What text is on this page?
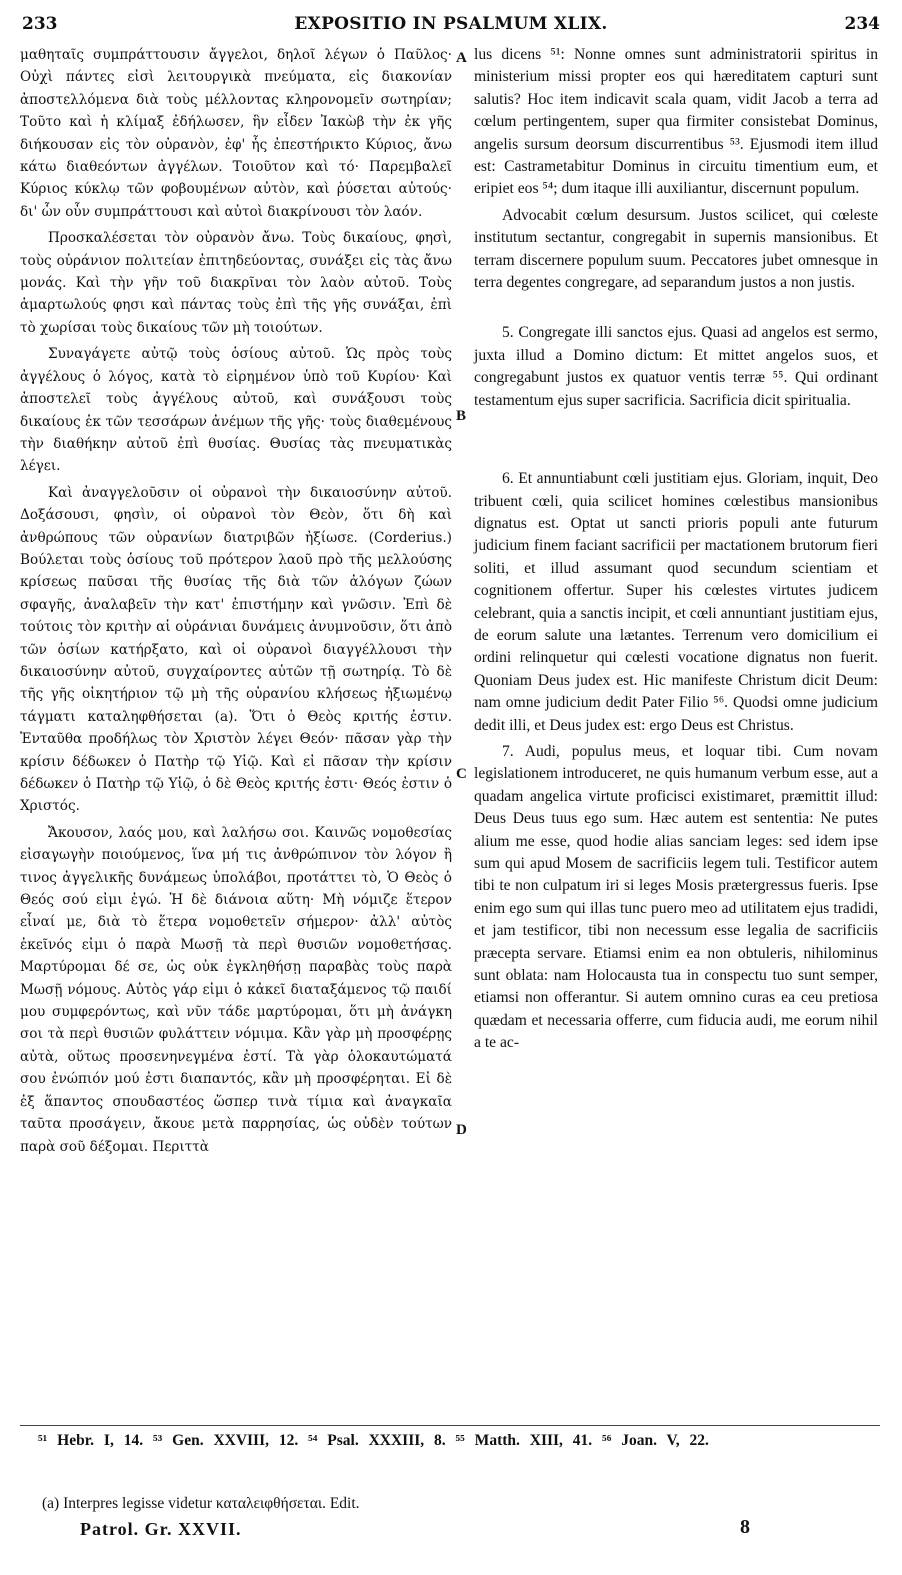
233	EXPOSITIO IN PSALMUM XLIX.	234

μαθηταῖς συμπράττουσιν ἄγγελοι, δηλοῖ λέγων ὁ Παῦλος· Οὐχὶ πάντες εἰσὶ λειτουργικὰ πνεύματα, εἰς διακονίαν ἀποστελλόμενα διὰ τοὺς μέλλοντας κληρονομεῖν σωτηρίαν; Τοῦτο καὶ ἡ κλίμαξ ἐδήλωσεν, ἣν εἶδεν Ἰακὼβ τὴν ἐκ γῆς διήκουσαν εἰς τὸν οὐρανὸν, ἐφ' ἧς ἐπεστήρικτο Κύριος, ἄνω κάτω διαθεόντων ἀγγέλων. Τοιοῦτον καὶ τό· Παρεμβαλεῖ Κύριος κύκλῳ τῶν φοβουμένων αὐτὸν, καὶ ῥύσεται αὐτούς· δι' ὧν οὖν συμπράττουσι καὶ αὐτοὶ διακρίνουσι τὸν λαόν.

Προσκαλέσεται τὸν οὐρανὸν ἄνω. Τοὺς δικαίους, φησὶ, τοὺς οὐράνιον πολιτείαν ἐπιτηδεύοντας, συνάξει εἰς τὰς ἄνω μονάς. Καὶ τὴν γῆν τοῦ διακρῖναι τὸν λαὸν αὐτοῦ. Τοὺς ἁμαρτωλούς φησι καὶ πάντας τοὺς ἐπὶ τῆς γῆς συνάξαι, ἐπὶ τὸ χωρίσαι τοὺς δικαίους τῶν μὴ τοιούτων.

Συναγάγετε αὐτῷ τοὺς ὁσίους αὐτοῦ. Ὡς πρὸς τοὺς ἀγγέλους ὁ λόγος, κατὰ τὸ εἰρημένον ὑπὸ τοῦ Κυρίου· Καὶ ἀποστελεῖ τοὺς ἀγγέλους αὐτοῦ, καὶ συνάξουσι τοὺς δικαίους ἐκ τῶν τεσσάρων ἀνέμων τῆς γῆς· τοὺς διαθεμένους τὴν διαθήκην αὐτοῦ ἐπὶ θυσίας. Θυσίας τὰς πνευματικὰς λέγει.

Καὶ ἀναγγελοῦσιν οἱ οὐρανοὶ τὴν δικαιοσύνην αὐτοῦ. Δοξάσουσι, φησὶν, οἱ οὐρανοὶ τὸν Θεὸν, ὅτι δὴ καὶ ἀνθρώπους τῶν οὐρανίων διατριβῶν ἠξίωσε. (Corderius.) Βούλεται τοὺς ὁσίους τοῦ πρότερον λαοῦ πρὸ τῆς μελλούσης κρίσεως παῦσαι τῆς θυσίας τῆς διὰ τῶν ἀλόγων ζώων σφαγῆς, ἀναλαβεῖν τὴν κατ' ἐπιστήμην καὶ γνῶσιν. Ἐπὶ δὲ τούτοις τὸν κριτὴν αἱ οὐράνιαι δυνάμεις ἀνυμνοῦσιν, ὅτι ἀπὸ τῶν ὁσίων κατήρξατο, καὶ οἱ οὐρανοὶ διαγγέλλουσι τὴν δικαιοσύνην αὐτοῦ, συγχαίροντες αὐτῶν τῇ σωτηρίᾳ. Τὸ δὲ τῆς γῆς οἰκητήριον τῷ μὴ τῆς οὐρανίου κλήσεως ἠξιωμένῳ τάγματι καταληφθήσεται (a). Ὅτι ὁ Θεὸς κριτής ἐστιν. Ἐνταῦθα προδήλως τὸν Χριστὸν λέγει Θεόν· πᾶσαν γὰρ τὴν κρίσιν δέδωκεν ὁ Πατὴρ τῷ Υἱῷ. Καὶ εἰ πᾶσαν τὴν κρίσιν δέδωκεν ὁ Πατὴρ τῷ Υἱῷ, ὁ δὲ Θεὸς κριτής ἐστι· Θεός ἐστιν ὁ Χριστός.

Ἄκουσον, λαός μου, καὶ λαλήσω σοι. Καινῶς νομοθεσίας εἰσαγωγὴν ποιούμενος, ἵνα μή τις ἀνθρώπινον τὸν λόγον ἢ τινος ἀγγελικῆς δυνάμεως ὑπολάβοι, προτάττει τὸ, Ὁ Θεὸς ὁ Θεός σού εἰμι ἐγώ. Ἡ δὲ διάνοια αὕτη· Μὴ νόμιζε ἕτερον εἶναί με, διὰ τὸ ἕτερα νομοθετεῖν σήμερον· ἀλλ' αὐτὸς ἐκεῖνός εἰμι ὁ παρὰ Μωσῇ τὰ περὶ θυσιῶν νομοθετήσας. Μαρτύρομαι δέ σε, ὡς οὐκ ἐγκληθήσῃ παραβὰς τοὺς παρὰ Μωσῇ νόμους. Αὐτὸς γάρ εἰμι ὁ κἀκεῖ διαταξάμενος τῷ παιδί μου συμφερόντως, καὶ νῦν τάδε μαρτύρομαι, ὅτι μὴ ἀνάγκη σοι τὰ περὶ θυσιῶν φυλάττειν νόμιμα. Κἂν γὰρ μὴ προσφέρῃς αὐτὰ, οὕτως προσενηνεγμένα ἐστί. Τὰ γὰρ ὁλοκαυτώματά σου ἐνώπιόν μού ἐστι διαπαντός, κἂν μὴ προσφέρηται. Εἰ δὲ ἐξ ἅπαντος σπουδαστέος ὥσπερ τινὰ τίμια καὶ ἀναγκαῖα ταῦτα προσάγειν, ἄκουε μετὰ παρρησίας, ὡς οὐδὲν τούτων παρὰ σοῦ δέξομαι. Περιττὰ

A
B
C
D

lus dicens ⁵¹: Nonne omnes sunt administratorii spiritus in ministerium missi propter eos qui hæreditatem capturi sunt salutis? Hoc item indicavit scala quam, vidit Jacob a terra ad cœlum pertingentem, super qua firmiter consistebat Dominus, angelis sursum deorsum discurrentibus ⁵³. Ejusmodi item illud est: Castrametabitur Dominus in circuitu timentium eum, et eripiet eos ⁵⁴; dum itaque illi auxiliantur, discernunt populum.

Advocabit cœlum desursum. Justos scilicet, qui cœleste institutum sectantur, congregabit in supernis mansionibus. Et terram discernere populum suum. Peccatores jubet omnesque in terra degentes congregare, ad separandum justos a non justis.

5. Congregate illi sanctos ejus. Quasi ad angelos est sermo, juxta illud a Domino dictum: Et mittet angelos suos, et congregabunt justos ex quatuor ventis terræ ⁵⁵. Qui ordinant testamentum ejus super sacrificia. Sacrificia dicit spiritualia.

6. Et annuntiabunt cœli justitiam ejus. Gloriam, inquit, Deo tribuent cœli, quia scilicet homines cœlestibus mansionibus dignatus est. Optat ut sancti prioris populi ante futurum judicium finem faciant sacrificii per mactationem brutorum fieri soliti, et illud assumant quod secundum scientiam et cognitionem offertur. Super his cœlestes virtutes judicem celebrant, quia a sanctis incipit, et cœli annuntiant justitiam ejus, de eorum salute una lætantes. Terrenum vero domicilium ei ordini relinquetur qui cœlesti vocatione dignatus non fuerit. Quoniam Deus judex est. Hic manifeste Christum dicit Deum: nam omne judicium dedit Pater Filio ⁵⁶. Quodsi omne judicium dedit illi, et Deus judex est: ergo Deus est Christus.

7. Audi, populus meus, et loquar tibi. Cum novam legislationem introduceret, ne quis humanum verbum esse, aut a quadam angelica virtute proficisci existimaret, præmittit illud: Deus Deus tuus ego sum. Hæc autem est sententia: Ne putes alium me esse, quod hodie alias sanciam leges: sed idem ipse sum qui apud Mosem de sacrificiis legem tuli. Testificor autem tibi te non culpatum iri si leges Mosis prætergressus fueris. Ipse enim ego sum qui illas tunc puero meo ad utilitatem ejus tradidi, et jam testificor, tibi non necessum esse legalia de sacrificiis præcepta servare. Etiamsi enim ea non obtuleris, nihilominus sunt oblata: nam Holocausta tua in conspectu tuo sunt semper, etiamsi non offerantur. Si autem omnino curas ea ceu pretiosa quædam et necessaria offerre, cum fiducia audi, me eorum nihil a te ac-

⁵¹ Hebr. I, 14. ⁵³ Gen. XXVIII, 12. ⁵⁴ Psal. XXXIII, 8. ⁵⁵ Matth. XIII, 41. ⁵⁶ Joan. V, 22.
(a) Interpres legisse videtur καταλειφθήσεται. Edit.
Patrol. Gr. XXVII.	8
